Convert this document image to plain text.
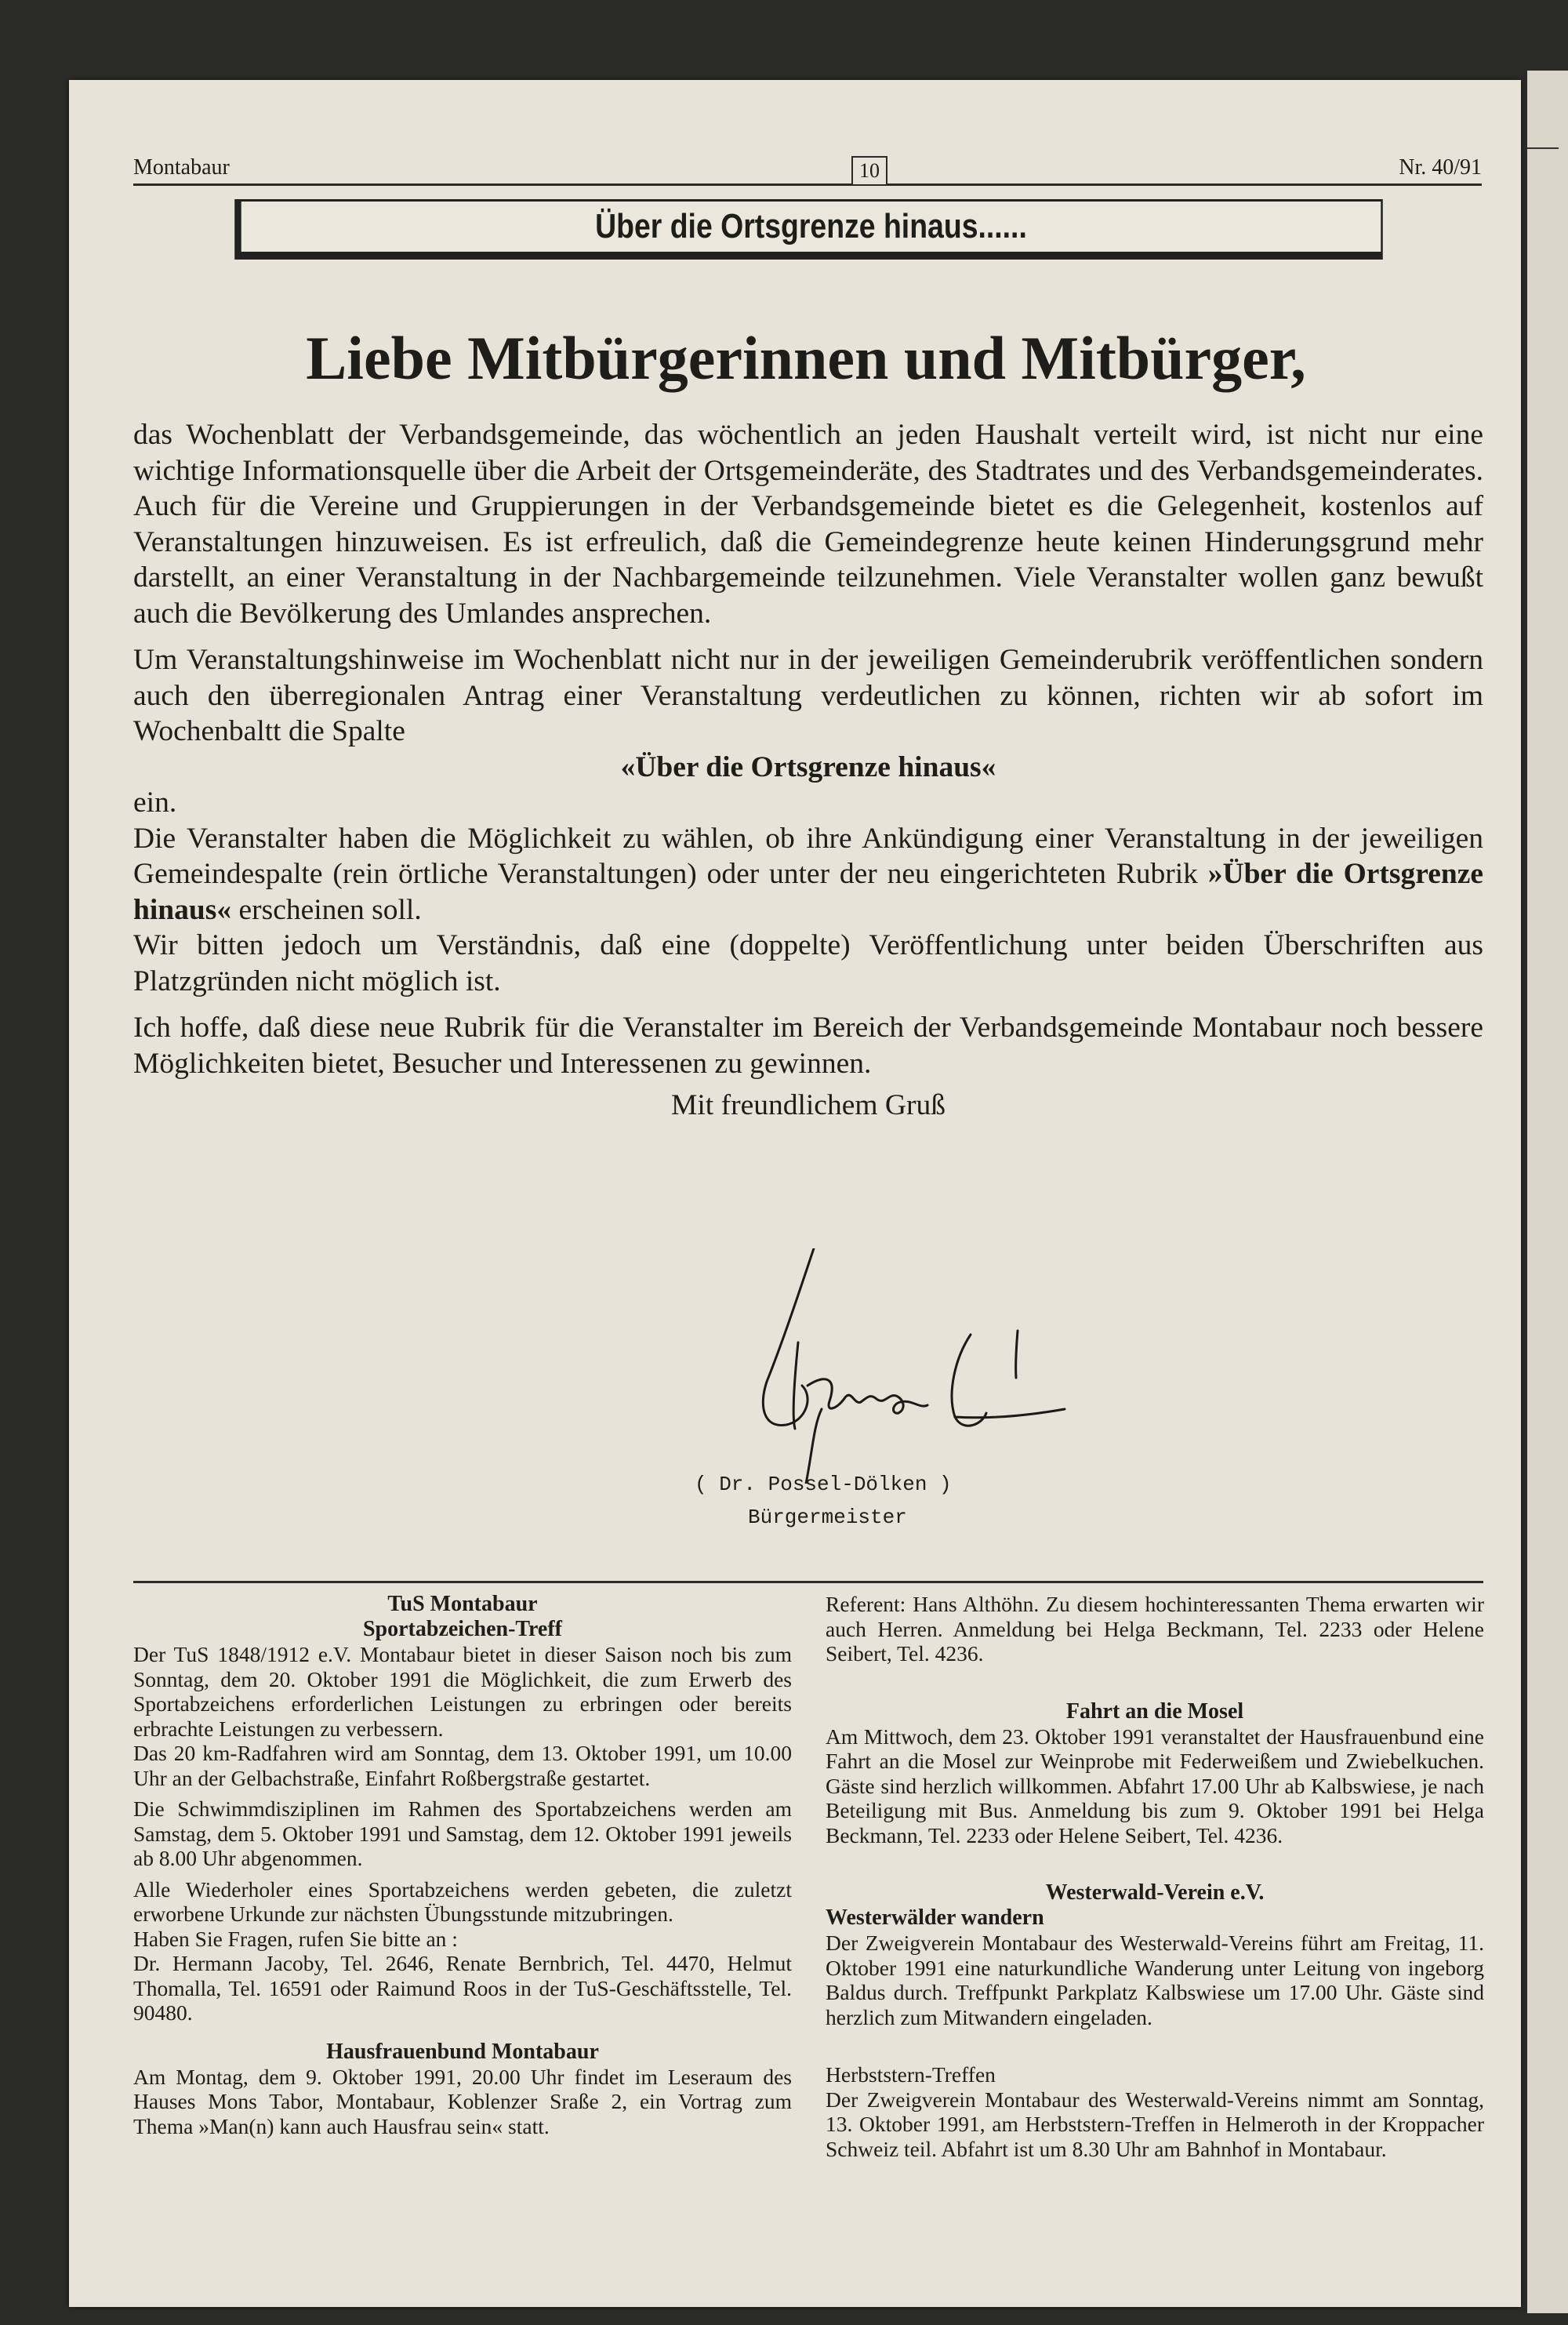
Montabaur	10	Nr. 40/91
Über die Ortsgrenze hinaus......
Liebe Mitbürgerinnen und Mitbürger,

das Wochenblatt der Verbandsgemeinde, das wöchentlich an jeden Haushalt verteilt wird, ist nicht nur eine wichtige Informationsquelle über die Arbeit der Ortsgemeinderäte, des Stadtrates und des Verbandsgemeinderates. Auch für die Vereine und Gruppierungen in der Verbandsgemeinde bietet es die Gelegenheit, kostenlos auf Veranstaltungen hinzuweisen. Es ist erfreulich, daß die Gemeindegrenze heute keinen Hinderungsgrund mehr darstellt, an einer Veranstaltung in der Nachbargemeinde teilzunehmen. Viele Veranstalter wollen ganz bewußt auch die Bevölkerung des Umlandes ansprechen.

Um Veranstaltungshinweise im Wochenblatt nicht nur in der jeweiligen Gemeinderubrik veröffentlichen sondern auch den überregionalen Antrag einer Veranstaltung verdeutlichen zu können, richten wir ab sofort im Wochenbaltt die Spalte

«Über die Ortsgrenze hinaus«

ein.

Die Veranstalter haben die Möglichkeit zu wählen, ob ihre Ankündigung einer Veranstaltung in der jeweiligen Gemeindespalte (rein örtliche Veranstaltungen) oder unter der neu eingerichteten Rubrik »Über die Ortsgrenze hinaus« erscheinen soll.

Wir bitten jedoch um Verständnis, daß eine (doppelte) Veröffentlichung unter beiden Überschriften aus Platzgründen nicht möglich ist.

Ich hoffe, daß diese neue Rubrik für die Veranstalter im Bereich der Verbandsgemeinde Montabaur noch bessere Möglichkeiten bietet, Besucher und Interessenen zu gewinnen.

Mit freundlichem Gruß

( Dr. Possel-Dölken )
Bürgermeister
TuS Montabaur
Sportabzeichen-Treff

Der TuS 1848/1912 e.V. Montabaur bietet in dieser Saison noch bis zum Sonntag, dem 20. Oktober 1991 die Möglichkeit, die zum Erwerb des Sportabzeichens erforderlichen Leistungen zu erbringen oder bereits erbrachte Leistungen zu verbessern.

Das 20 km-Radfahren wird am Sonntag, dem 13. Oktober 1991, um 10.00 Uhr an der Gelbachstraße, Einfahrt Roßbergstraße gestartet.

Die Schwimmdisziplinen im Rahmen des Sportabzeichens werden am Samstag, dem 5. Oktober 1991 und Samstag, dem 12. Oktober 1991 jeweils ab 8.00 Uhr abgenommen.

Alle Wiederholer eines Sportabzeichens werden gebeten, die zuletzt erworbene Urkunde zur nächsten Übungsstunde mitzubringen.

Haben Sie Fragen, rufen Sie bitte an :

Dr. Hermann Jacoby, Tel. 2646, Renate Bernbrich, Tel. 4470, Helmut Thomalla, Tel. 16591 oder Raimund Roos in der TuS-Geschäftsstelle, Tel. 90480.

Hausfrauenbund Montabaur

Am Montag, dem 9. Oktober 1991, 20.00 Uhr findet im Leseraum des Hauses Mons Tabor, Montabaur, Koblenzer Sraße 2, ein Vortrag zum Thema »Man(n) kann auch Hausfrau sein« statt.

Referent: Hans Althöhn. Zu diesem hochinteressanten Thema erwarten wir auch Herren. Anmeldung bei Helga Beckmann, Tel. 2233 oder Helene Seibert, Tel. 4236.

Fahrt an die Mosel

Am Mittwoch, dem 23. Oktober 1991 veranstaltet der Hausfrauenbund eine Fahrt an die Mosel zur Weinprobe mit Federweißem und Zwiebelkuchen. Gäste sind herzlich willkommen. Abfahrt 17.00 Uhr ab Kalbswiese, je nach Beteiligung mit Bus. Anmeldung bis zum 9. Oktober 1991 bei Helga Beckmann, Tel. 2233 oder Helene Seibert, Tel. 4236.

Westerwald-Verein e.V.
Westerwälder wandern

Der Zweigverein Montabaur des Westerwald-Vereins führt am Freitag, 11. Oktober 1991 eine naturkundliche Wanderung unter Leitung von ingeborg Baldus durch. Treffpunkt Parkplatz Kalbswiese um 17.00 Uhr. Gäste sind herzlich zum Mitwandern eingeladen.

Herbststern-Treffen

Der Zweigverein Montabaur des Westerwald-Vereins nimmt am Sonntag, 13. Oktober 1991, am Herbststern-Treffen in Helmeroth in der Kroppacher Schweiz teil. Abfahrt ist um 8.30 Uhr am Bahnhof in Montabaur.
